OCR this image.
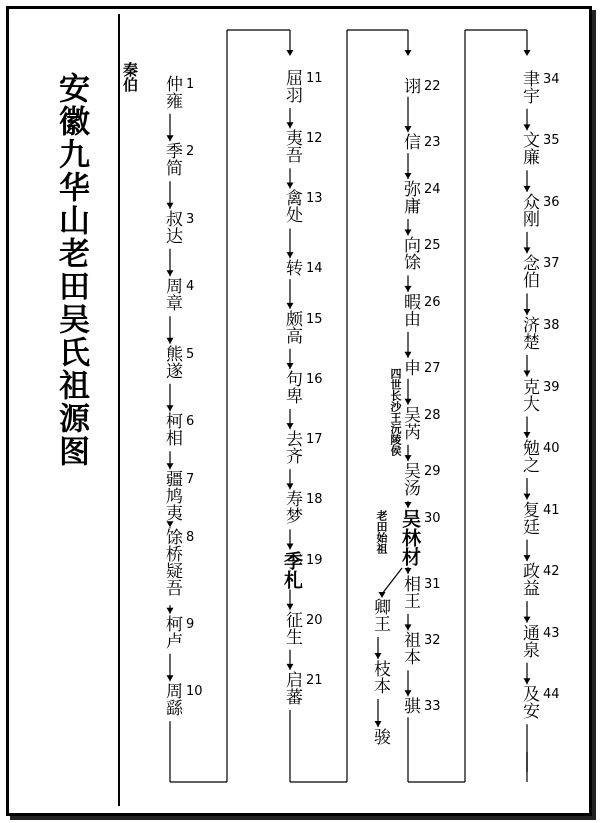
安徽九华山老田吴氏祖源图 秦伯 仲雍 1
季简 2
叔达 3
周章 4
熊遂 5
柯相 6
疆鸠夷 7
馀桥疑吾 8
柯卢 9
周繇 10
屈羽 11
夷吾 12
禽处 13
转 14
颇高 15
句卑 16
去齐 17
寿梦 18
季札 19
征生 20
启蕃 21
诩 22
信 23
弥庸 24
向馀 25
暇由 26
申 27
吴芮 28
吴汤 29
吴林材 30
相王 31
祖本 32
骐 33
聿宇 34
文廉 35
众刚 36
念伯 37
济楚 38
克大 39
勉之 40
复廷 41
政益 42
通泉 43
及安 44
四世长沙王沅陵侯
老田始祖
卿王
枝本
骏
